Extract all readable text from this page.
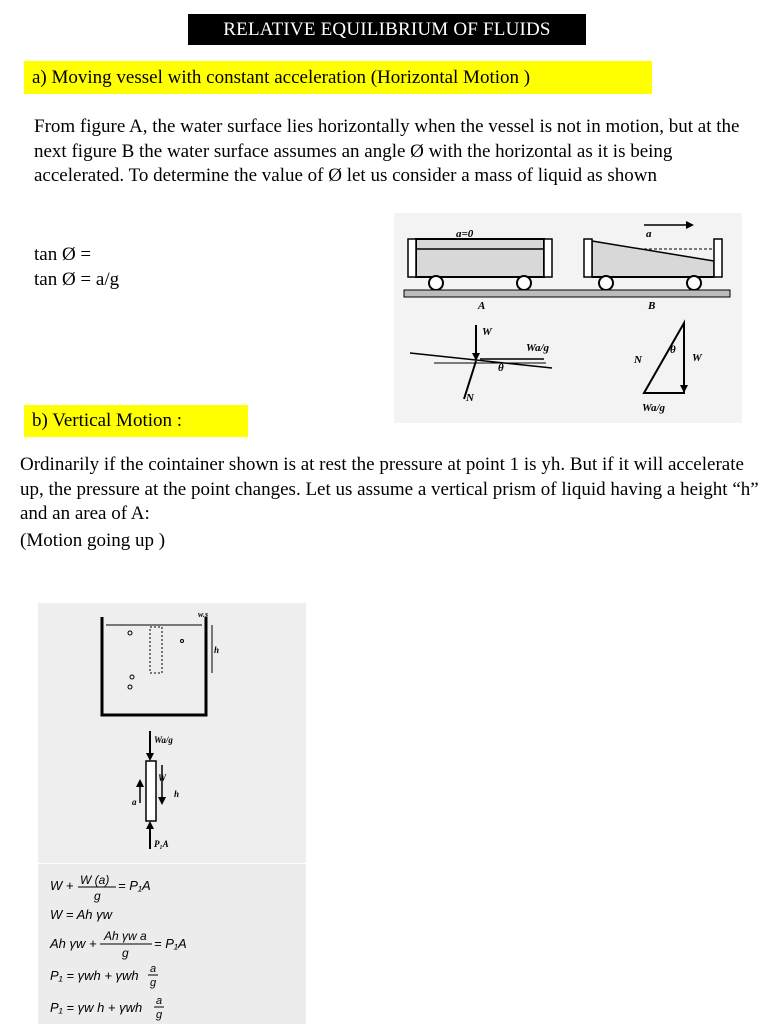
RELATIVE EQUILIBRIUM OF FLUIDS
a) Moving vessel with constant acceleration (Horizontal Motion )

From figure A, the water surface lies horizontally when the vessel is not in motion, but at the next figure B the water surface assumes an angle Ø with the horizontal as it is being accelerated. To determine the value of Ø let us consider a mass of liquid as shown

tan Ø =
tan Ø = a/g
a=0	a
A	B
W
Wa/g
N
θ
N
θ
W
Wa/g
b) Vertical Motion :

Ordinarily if the cointainer shown is at rest the pressure at point 1 is yh. But if it will accelerate up, the pressure at the point changes. Let us assume a vertical prism of liquid having a height “h” and an area of A:

(Motion going up )
w.s
h
Wa/g
W
h
a
P₁A
W + W (a)
g
= P₁A
W = Ah γw
Ah γw + Ah γw a
g
= P₁A
P₁ = γwh + γwh a
g
P₁ = γw h + γwh a
g
